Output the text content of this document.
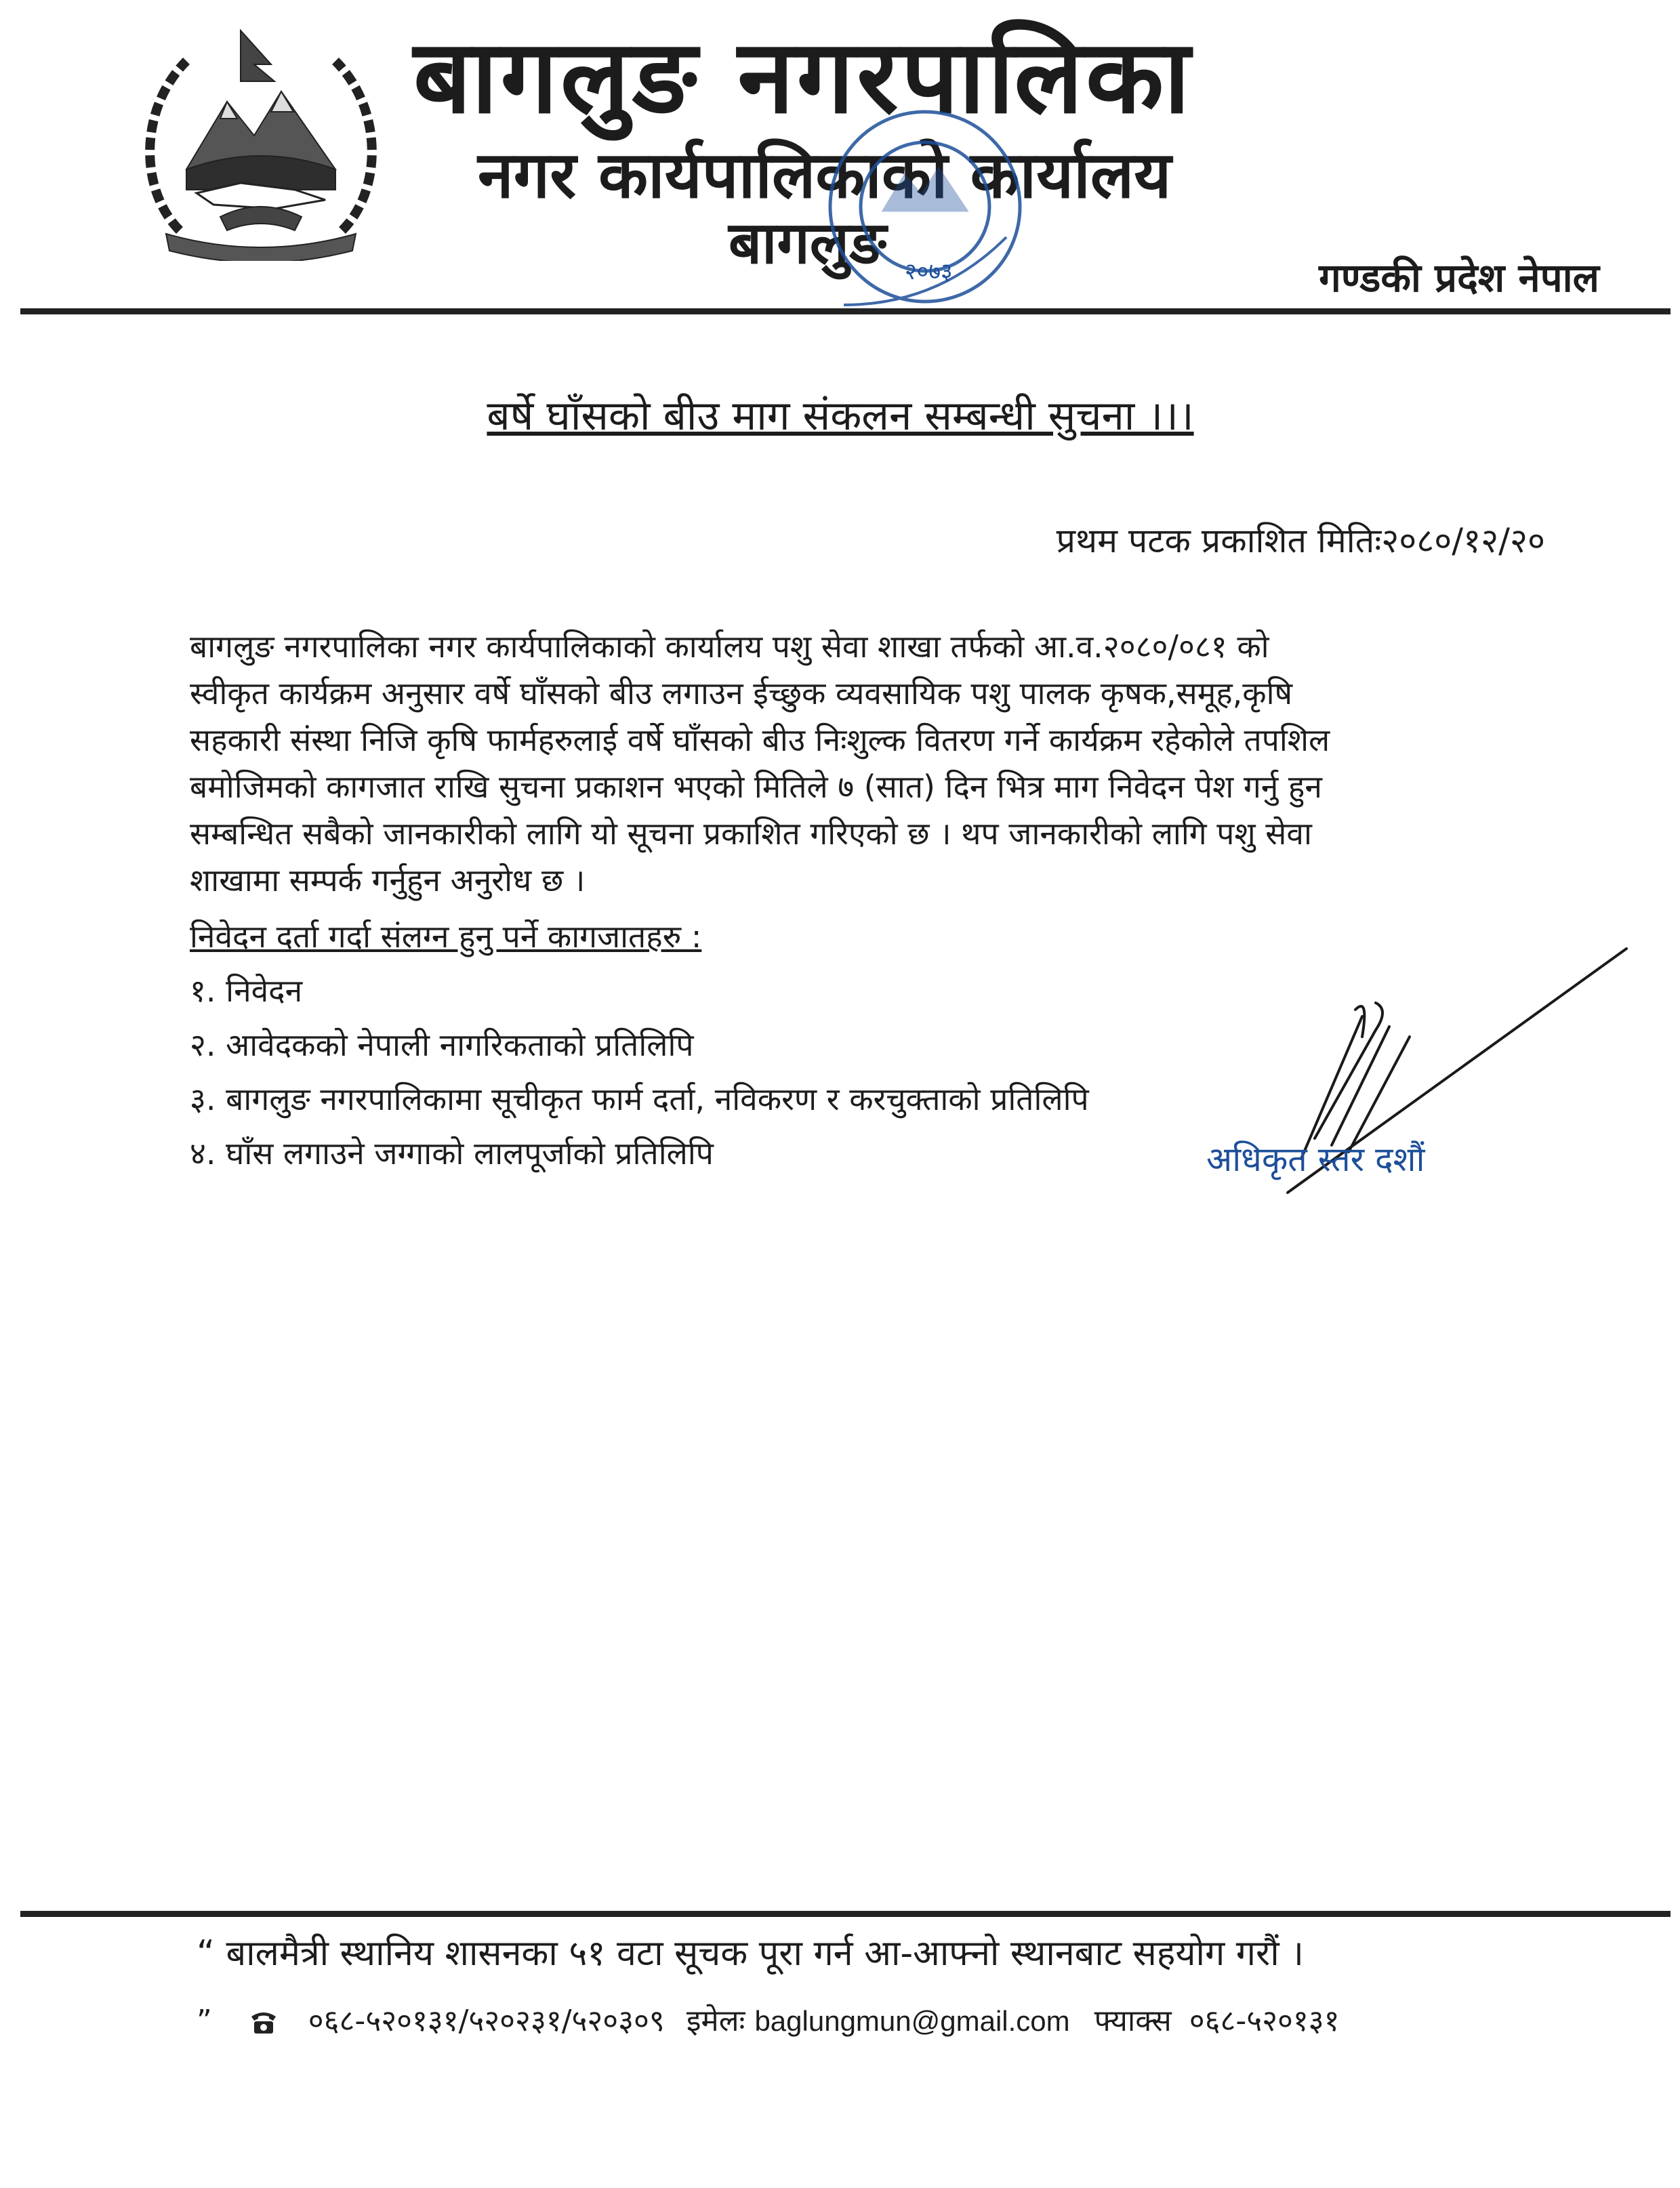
बागलुङ नगरपालिका
नगर कार्यपालिकाको कार्यालय
बागलुङ
गण्डकी प्रदेश नेपाल
२०७३
बर्षे घाँसको बीउ माग संकलन सम्बन्धी सुचना ।।।
प्रथम पटक प्रकाशित मितिः२०८०/१२/२०
बागलुङ नगरपालिका नगर कार्यपालिकाको कार्यालय पशु सेवा शाखा तर्फको आ.व.२०८०/०८१ को
स्वीकृत कार्यक्रम अनुसार वर्षे घाँसको बीउ लगाउन ईच्छुक व्यवसायिक पशु पालक कृषक,समूह,कृषि
सहकारी संस्था निजि कृषि फार्महरुलाई वर्षे घाँसको बीउ निःशुल्क वितरण गर्ने कार्यक्रम रहेकोले तपशिल
बमोजिमको कागजात राखि सुचना प्रकाशन भएको मितिले ७ (सात) दिन भित्र माग निवेदन पेश गर्नु हुन
सम्बन्धित सबैको जानकारीको लागि यो सूचना प्रकाशित गरिएको छ । थप जानकारीको लागि पशु सेवा
शाखामा सम्पर्क गर्नुहुन अनुरोध छ ।
निवेदन दर्ता गर्दा संलग्न हुनु पर्ने कागजातहरु :
१. निवेदन
२. आवेदकको नेपाली नागरिकताको प्रतिलिपि
३. बागलुङ नगरपालिकामा सूचीकृत फार्म दर्ता, नविकरण र करचुक्ताको प्रतिलिपि
४. घाँस लगाउने जग्गाको लालपूर्जाको प्रतिलिपि	अधिकृत स्तर दशौं
“ बालमैत्री स्थानिय शासनका ५१ वटा सूचक पूरा गर्न आ-आफ्नो स्थानबाट सहयोग गरौं ।
”	०६८-५२०१३१/५२०२३१/५२०३०९ इमेलः baglungmun@gmail.com फ्याक्स ०६८-५२०१३१
